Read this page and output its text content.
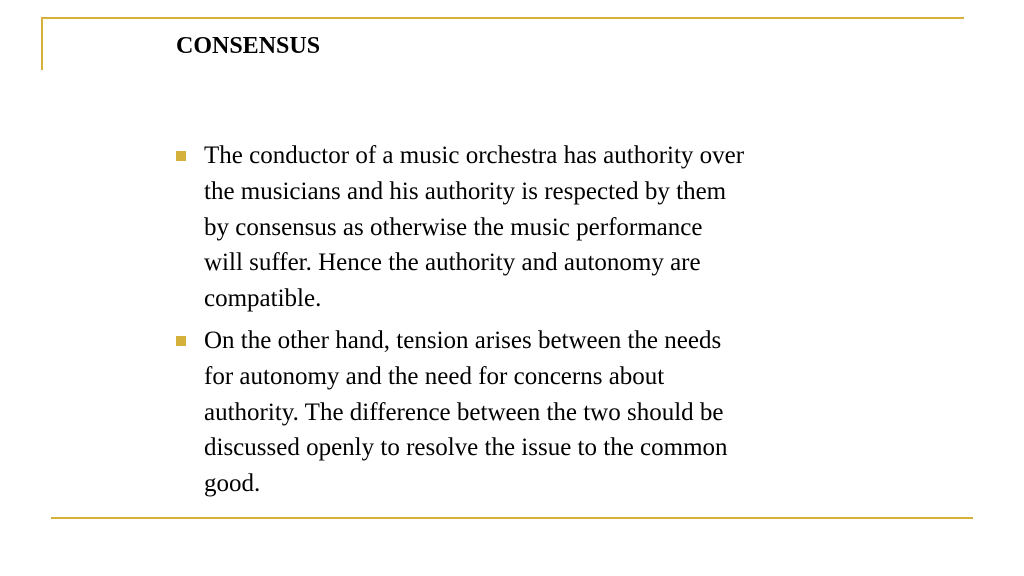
CONSENSUS
The conductor of a music orchestra has authority over
the musicians and his authority is respected by them
by consensus as otherwise the music performance
will suffer. Hence the authority and autonomy are
compatible.
On the other hand, tension arises between the needs
for autonomy and the need for concerns about
authority. The difference between the two should be
discussed openly to resolve the issue to the common
good.
